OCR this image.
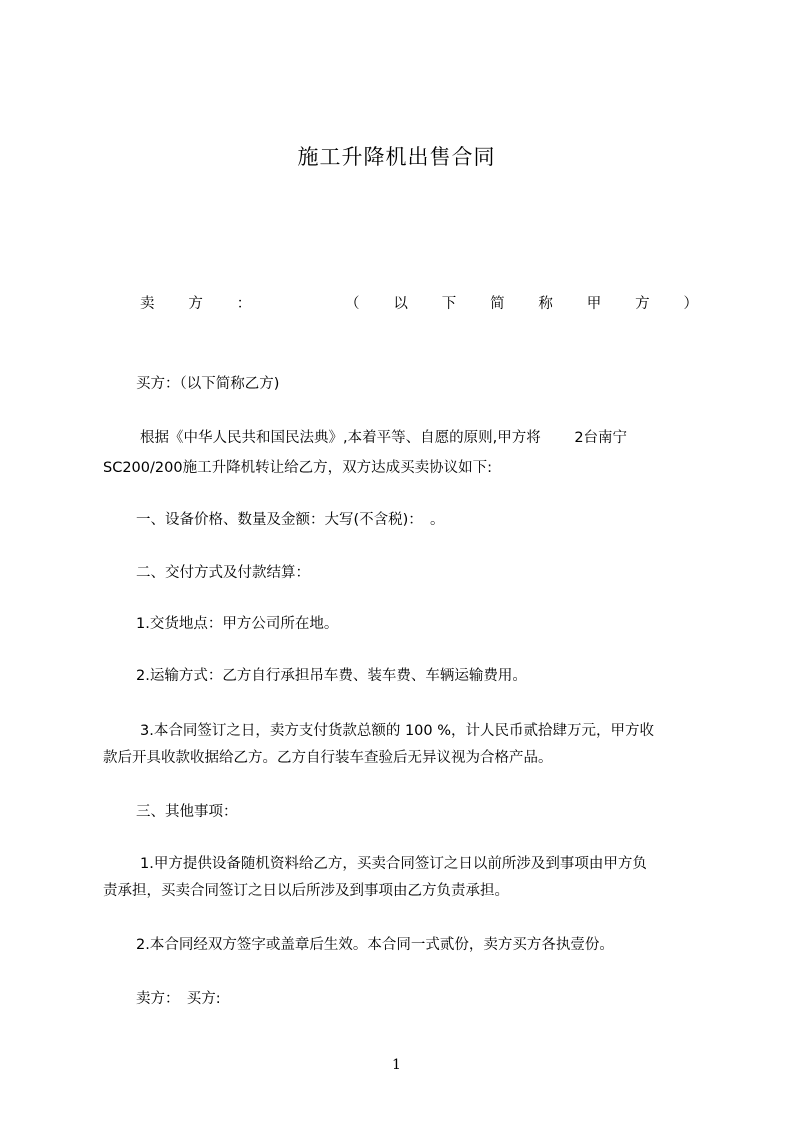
施工升降机出售合同
卖 方 ：	（ 以 下 简 称 甲 方 ）
买方：（以下简称乙方)
根据《中华人民共和国民法典》,本着平等、自愿的原则,甲方将　　 2台南宁
SC200/200施工升降机转让给乙方，双方达成买卖协议如下:
一、设备价格、数量及金额：大写(不含税)：　。
二、交付方式及付款结算：
1.交货地点：甲方公司所在地。
2.运输方式：乙方自行承担吊车费、装车费、车辆运输费用。
3.本合同签订之日，卖方支付货款总额的 100 %，计人民币贰拾肆万元，甲方收
款后开具收款收据给乙方。乙方自行装车查验后无异议视为合格产品。
三、其他事项：
1.甲方提供设备随机资料给乙方，买卖合同签订之日以前所涉及到事项由甲方负
责承担，买卖合同签订之日以后所涉及到事项由乙方负责承担。
2.本合同经双方签字或盖章后生效。本合同一式贰份，卖方买方各执壹份。
卖方：　买方:
1
